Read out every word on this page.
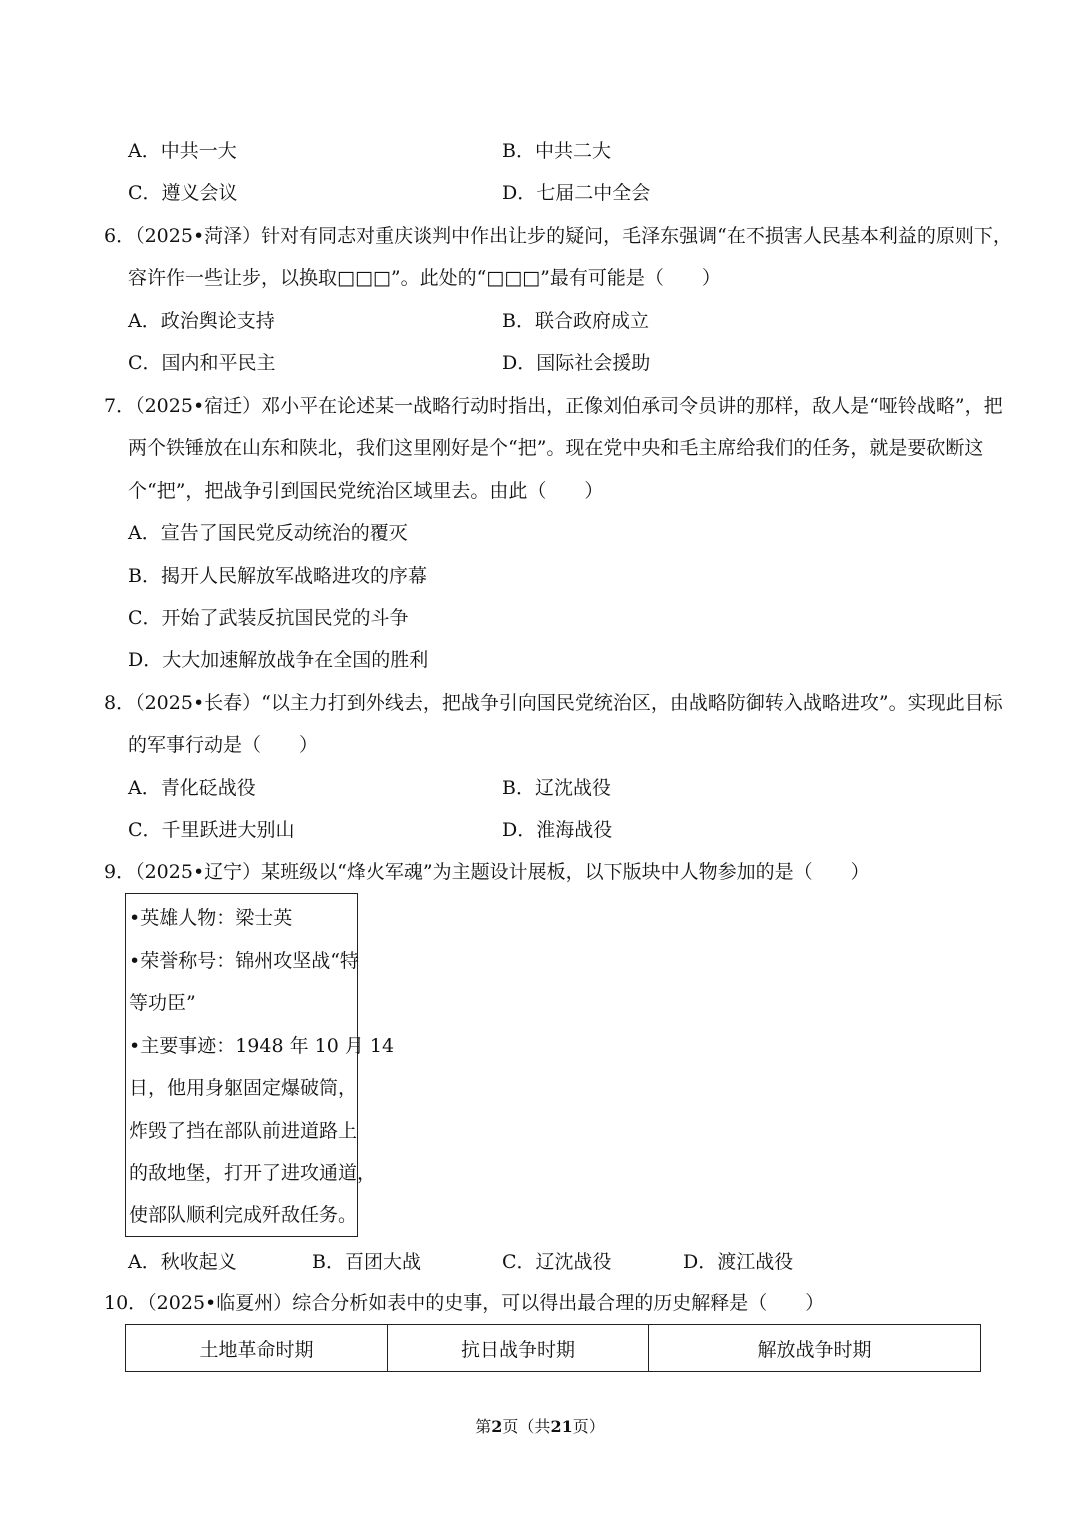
A．中共一大	B．中共二大
C．遵义会议	D．七届二中全会
6．（2025•菏泽）针对有同志对重庆谈判中作出让步的疑问，毛泽东强调“在不损害人民基本利益的原则下，
容许作一些让步，以换取□□□”。此处的“□□□”最有可能是（　　）
A．政治舆论支持	B．联合政府成立
C．国内和平民主	D．国际社会援助
7．（2025•宿迁）邓小平在论述某一战略行动时指出，正像刘伯承司令员讲的那样，敌人是“哑铃战略”，把
两个铁锤放在山东和陕北，我们这里刚好是个“把”。现在党中央和毛主席给我们的任务，就是要砍断这
个“把”，把战争引到国民党统治区域里去。由此（　　）
A．宣告了国民党反动统治的覆灭
B．揭开人民解放军战略进攻的序幕
C．开始了武装反抗国民党的斗争
D．大大加速解放战争在全国的胜利
8．（2025•长春）“以主力打到外线去，把战争引向国民党统治区，由战略防御转入战略进攻”。实现此目标
的军事行动是（　　）
A．青化砭战役	B．辽沈战役
C．千里跃进大别山	D．淮海战役
9．（2025•辽宁）某班级以“烽火军魂”为主题设计展板，以下版块中人物参加的是（　　）
•英雄人物：梁士英
•荣誉称号：锦州攻坚战“特
等功臣”
•主要事迹：1948 年 10 月 14
日，他用身躯固定爆破筒，
炸毁了挡在部队前进道路上
的敌地堡，打开了进攻通道，
使部队顺利完成歼敌任务。
A．秋收起义	B．百团大战	C．辽沈战役	D．渡江战役
10．（2025•临夏州）综合分析如表中的史事，可以得出最合理的历史解释是（　　）
土地革命时期	抗日战争时期	解放战争时期
第2页（共21页）
